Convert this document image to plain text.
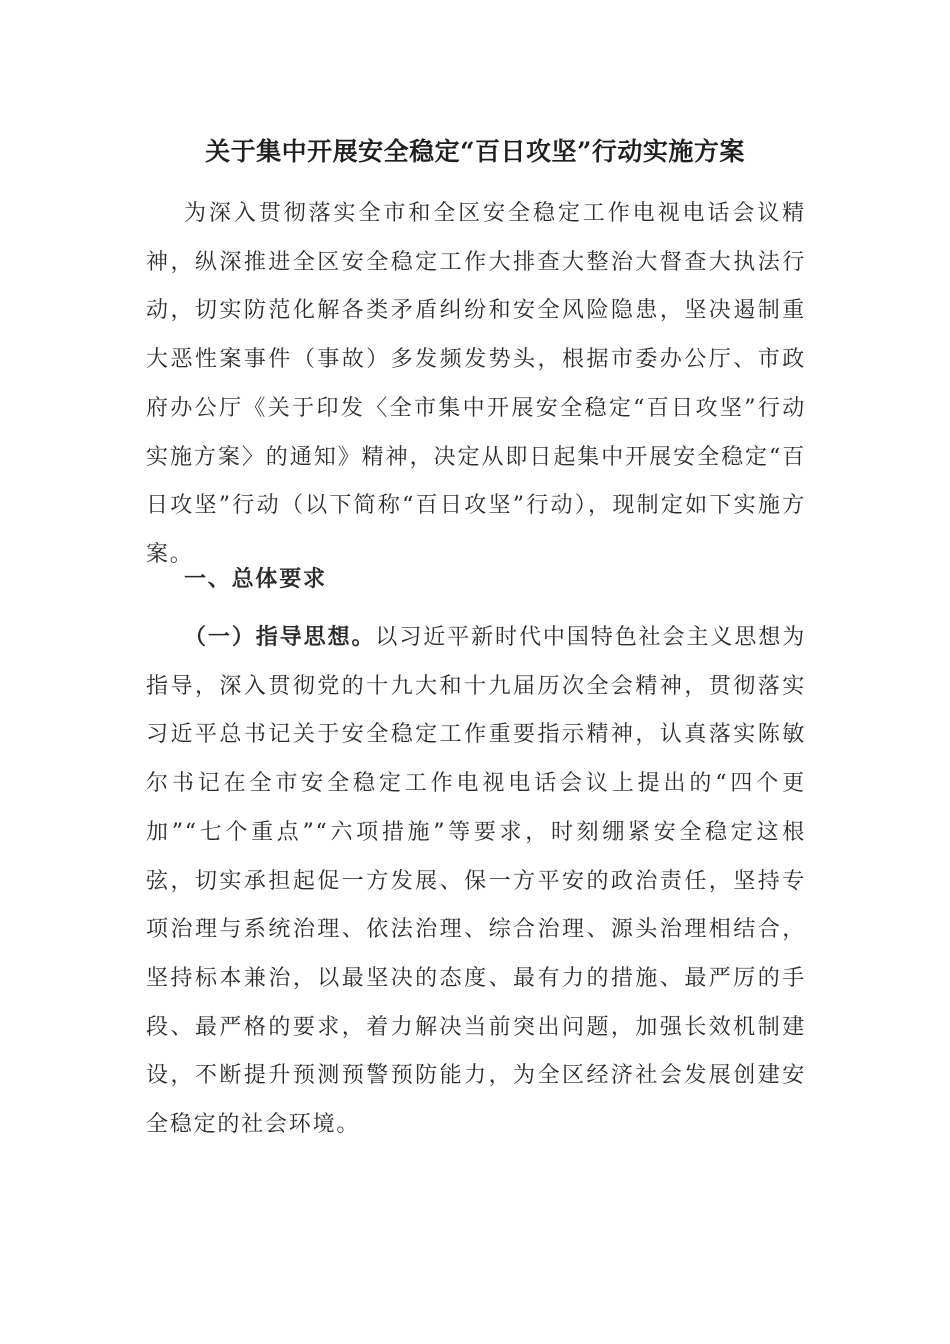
关于集中开展安全稳定“百日攻坚”行动实施方案

为深入贯彻落实全市和全区安全稳定工作电视电话会议精神，纵深推进全区安全稳定工作大排查大整治大督查大执法行动，切实防范化解各类矛盾纠纷和安全风险隐患，坚决遏制重大恶性案事件（事故）多发频发势头，根据市委办公厅、市政府办公厅《关于印发〈全市集中开展安全稳定“百日攻坚”行动实施方案〉的通知》精神，决定从即日起集中开展安全稳定“百日攻坚”行动（以下简称“百日攻坚”行动），现制定如下实施方案。

一、总体要求

（一）指导思想。以习近平新时代中国特色社会主义思想为指导，深入贯彻党的十九大和十九届历次全会精神，贯彻落实习近平总书记关于安全稳定工作重要指示精神，认真落实陈敏尔书记在全市安全稳定工作电视电话会议上提出的“四个更加”“七个重点”“六项措施”等要求，时刻绷紧安全稳定这根弦，切实承担起促一方发展、保一方平安的政治责任，坚持专项治理与系统治理、依法治理、综合治理、源头治理相结合，坚持标本兼治，以最坚决的态度、最有力的措施、最严厉的手段、最严格的要求，着力解决当前突出问题，加强长效机制建设，不断提升预测预警预防能力，为全区经济社会发展创建安全稳定的社会环境。
